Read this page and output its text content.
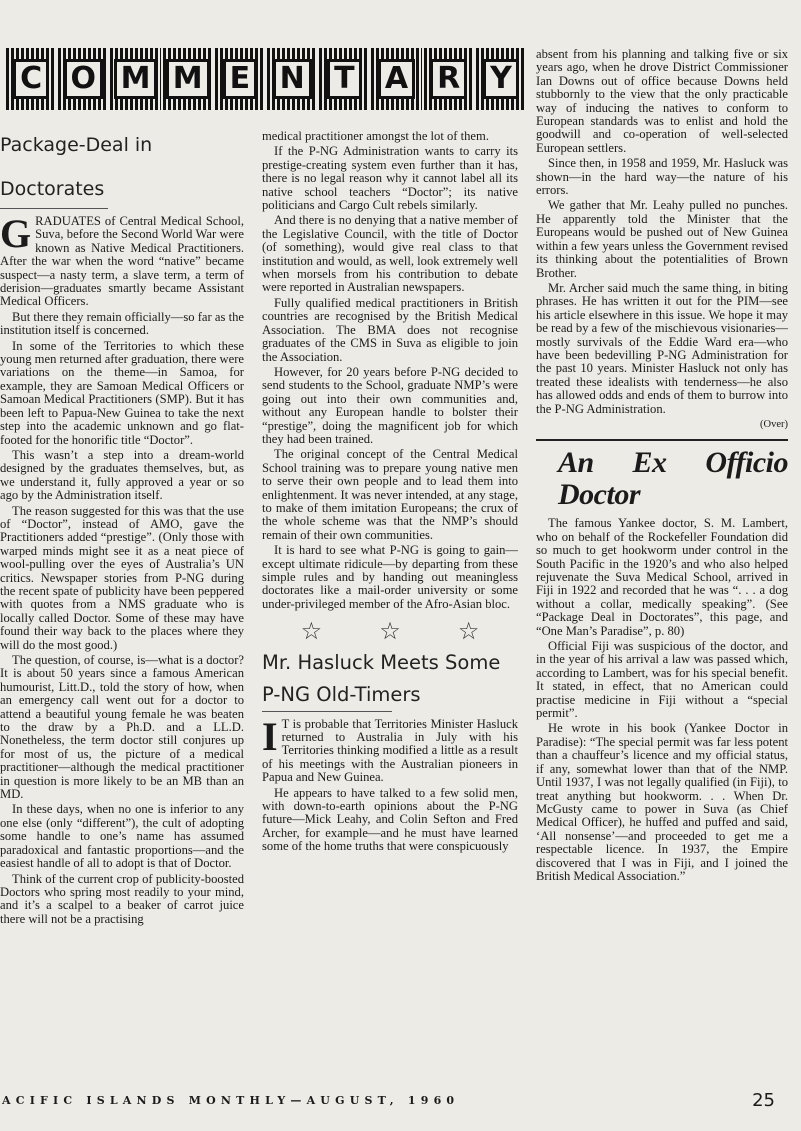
C O M M E N T A R Y
Package-Deal in

Doctorates

GRADUATES of Central Medical School, Suva, before the Second World War were known as Native Medical Practitioners. After the war when the word “native” became suspect—a nasty term, a slave term, a term of derision—graduates smartly became Assistant Medical Officers.

But there they remain officially—so far as the institution itself is concerned.

In some of the Territories to which these young men returned after graduation, there were variations on the theme—in Samoa, for example, they are Samoan Medical Officers or Samoan Medical Practitioners (SMP). But it has been left to Papua-New Guinea to take the next step into the academic unknown and go flat-footed for the honorific title “Doctor”.

This wasn’t a step into a dream-world designed by the graduates themselves, but, as we understand it, fully approved a year or so ago by the Administration itself.

The reason suggested for this was that the use of “Doctor”, instead of AMO, gave the Practitioners added “prestige”. (Only those with warped minds might see it as a neat piece of wool-pulling over the eyes of Australia’s UN critics. Newspaper stories from P-NG during the recent spate of publicity have been peppered with quotes from a NMS graduate who is locally called Doctor. Some of these may have found their way back to the places where they will do the most good.)

The question, of course, is—what is a doctor? It is about 50 years since a famous American humourist, Litt.D., told the story of how, when an emergency call went out for a doctor to attend a beautiful young female he was beaten to the draw by a Ph.D. and a LL.D. Nonetheless, the term doctor still conjures up for most of us, the picture of a medical practitioner—although the medical practitioner in question is more likely to be an MB than an MD.

In these days, when no one is inferior to any one else (only “different”), the cult of adopting some handle to one’s name has assumed paradoxical and fantastic proportions—and the easiest handle of all to adopt is that of Doctor.

Think of the current crop of publicity-boosted Doctors who spring most readily to your mind, and it’s a scalpel to a beaker of carrot juice there will not be a practising

medical practitioner amongst the lot of them.

If the P-NG Administration wants to carry its prestige-creating system even further than it has, there is no legal reason why it cannot label all its native school teachers “Doctor”; its native politicians and Cargo Cult rebels similarly.

And there is no denying that a native member of the Legislative Council, with the title of Doctor (of something), would give real class to that institution and would, as well, look extremely well when morsels from his contribution to debate were reported in Australian newspapers.

Fully qualified medical practitioners in British countries are recognised by the British Medical Association. The BMA does not recognise graduates of the CMS in Suva as eligible to join the Association.

However, for 20 years before P-NG decided to send students to the School, graduate NMP’s were going out into their own communities and, without any European handle to bolster their “prestige”, doing the magnificent job for which they had been trained.

The original concept of the Central Medical School training was to prepare young native men to serve their own people and to lead them into enlightenment. It was never intended, at any stage, to make of them imitation Europeans; the crux of the whole scheme was that the NMP’s should remain of their own communities.

It is hard to see what P-NG is going to gain—except ultimate ridicule—by departing from these simple rules and by handing out meaningless doctorates like a mail-order university or some under-privileged member of the Afro-Asian bloc.

☆ ☆ ☆
Mr. Hasluck Meets Some
P-NG Old-Timers

I T is probable that Territories Minister Hasluck returned to Australia in July with his Territories thinking modified a little as a result of his meetings with the Australian pioneers in Papua and New Guinea.

He appears to have talked to a few solid men, with down-to-earth opinions about the P-NG future—Mick Leahy, and Colin Sefton and Fred Archer, for example—and he must have learned some of the home truths that were conspicuously

absent from his planning and talking five or six years ago, when he drove District Commissioner Ian Downs out of office because Downs held stubbornly to the view that the only practicable way of inducing the natives to conform to European standards was to enlist and hold the goodwill and co-operation of well-selected European settlers.

Since then, in 1958 and 1959, Mr. Hasluck was shown—in the hard way—the nature of his errors.

We gather that Mr. Leahy pulled no punches. He apparently told the Minister that the Europeans would be pushed out of New Guinea within a few years unless the Government revised its thinking about the potentialities of Brown Brother.

Mr. Archer said much the same thing, in biting phrases. He has written it out for the PIM—see his article elsewhere in this issue. We hope it may be read by a few of the mischievous visionaries—mostly survivals of the Eddie Ward era—who have been bedevilling P-NG Administration for the past 10 years. Minister Hasluck not only has treated these idealists with tenderness—he also has allowed odds and ends of them to burrow into the P-NG Administration.

(Over)
An Ex Officio Doctor

The famous Yankee doctor, S. M. Lambert, who on behalf of the Rockefeller Foundation did so much to get hookworm under control in the South Pacific in the 1920’s and who also helped rejuvenate the Suva Medical School, arrived in Fiji in 1922 and recorded that he was “. . . a dog without a collar, medically speaking”. (See “Package Deal in Doctorates”, this page, and “One Man’s Paradise”, p. 80)

Official Fiji was suspicious of the doctor, and in the year of his arrival a law was passed which, according to Lambert, was for his special benefit. It stated, in effect, that no American could practise medicine in Fiji without a “special permit”.

He wrote in his book (Yankee Doctor in Paradise): “The special permit was far less potent than a chauffeur’s licence and my official status, if any, somewhat lower than that of the NMP. Until 1937, I was not legally qualified (in Fiji), to treat anything but hookworm. . . When Dr. McGusty came to power in Suva (as Chief Medical Officer), he huffed and puffed and said, ‘All nonsense’—and proceeded to get me a respectable licence. In 1937, the Empire discovered that I was in Fiji, and I joined the British Medical Association.”

ACIFIC ISLANDS MONTHLY—AUGUST, 1960	25
